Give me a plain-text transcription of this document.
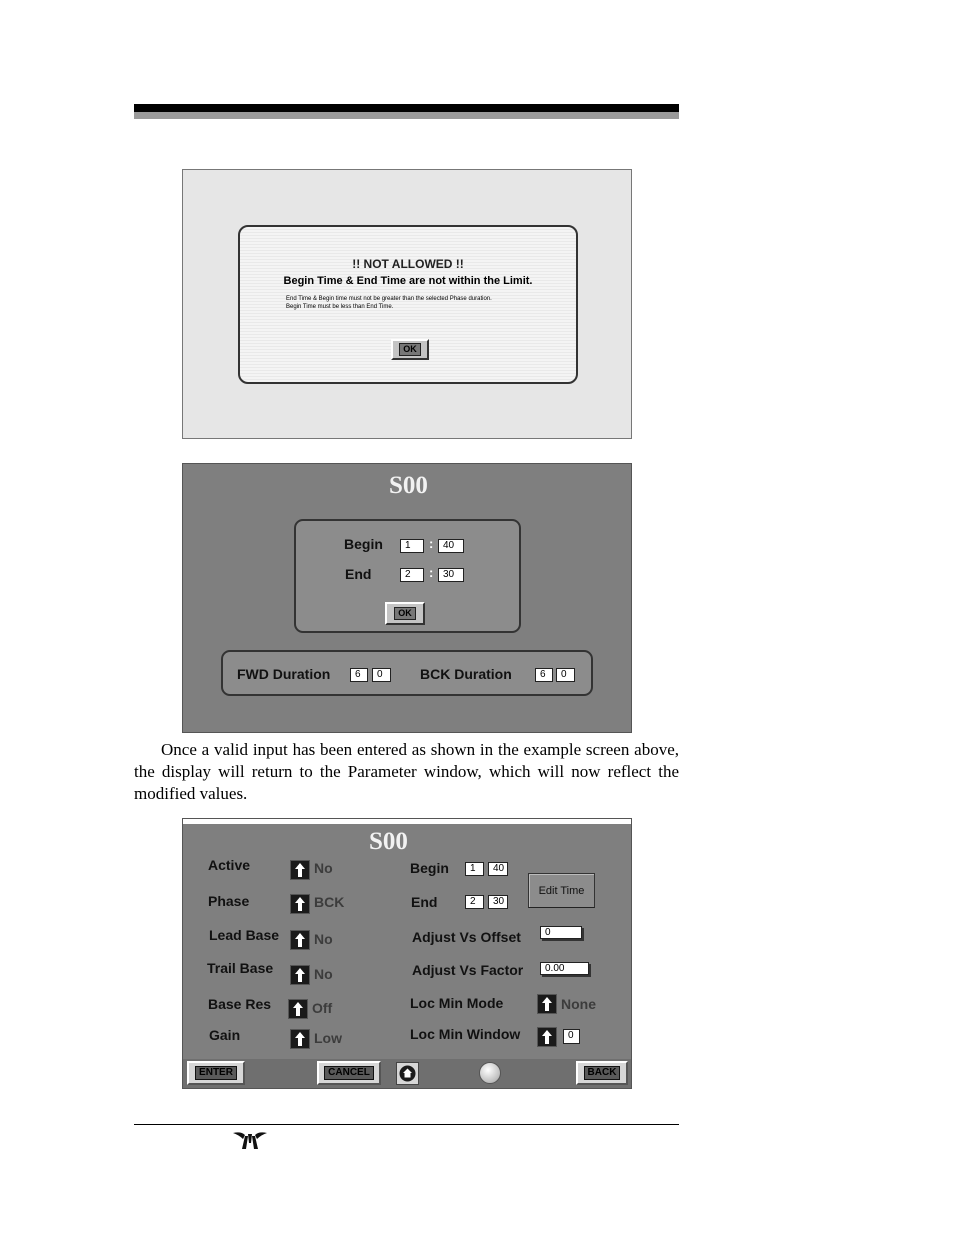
!! NOT ALLOWED !!
Begin Time & End Time are not within the Limit.
End Time & Begin time must not be greater than the selected Phase duration.
Begin Time must be less than End Time.
OK
S00
Begin	1	: 40
End	2	: 30
OK
FWD Duration	6	0	BCK Duration	6	0
Once a valid input has been entered as shown in the example screen above, the display will return to the Parameter window, which will now reflect the modified values.
S00
Active	No
Phase	BCK
Lead Base No
Trail Base	No
Base Res	Off
Gain	Low
Begin	1	40
End	2	30
Edit Time
Adjust Vs Offset	0
Adjust Vs Factor	0.00
Loc Min Mode	None
Loc Min Window	0
ENTER	CANCEL	BACK
